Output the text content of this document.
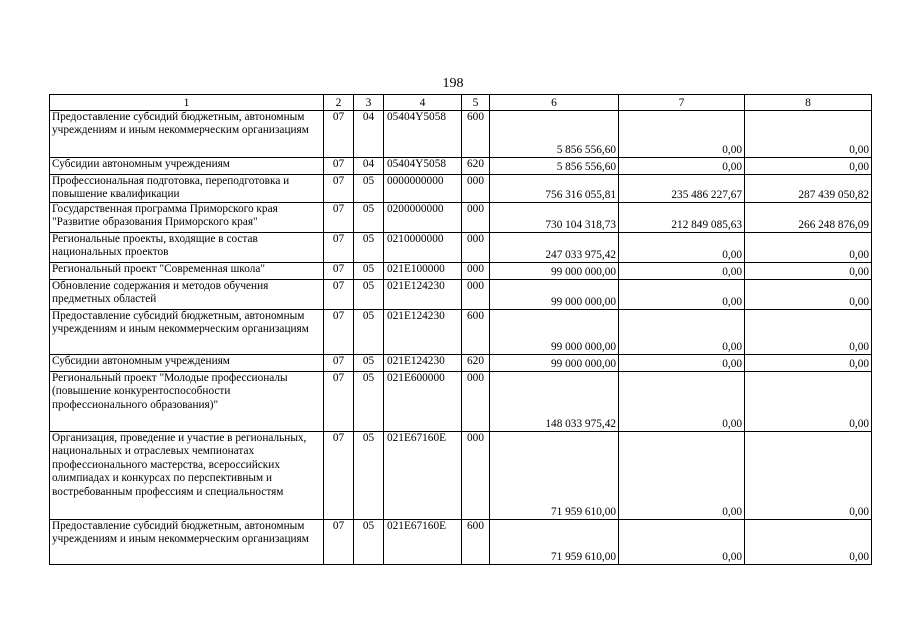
198
1	2	3	4	5	6	7	8
Предоставление субсидий бюджетным, автономным учреждениям и иным некоммерческим организациям	07	04	05404Y5058	600	5 856 556,60	0,00	0,00
Субсидии автономным учреждениям	07	04	05404Y5058	620	5 856 556,60	0,00	0,00
Профессиональная подготовка, переподготовка и повышение квалификации	07	05	0000000000	000	756 316 055,81	235 486 227,67	287 439 050,82
Государственная программа Приморского края "Развитие образования Приморского края"	07	05	0200000000	000	730 104 318,73	212 849 085,63	266 248 876,09
Региональные проекты, входящие в состав национальных проектов	07	05	0210000000	000	247 033 975,42	0,00	0,00
Региональный проект "Современная школа"	07	05	021E100000	000	99 000 000,00	0,00	0,00
Обновление содержания и методов обучения предметных областей	07	05	021E124230	000	99 000 000,00	0,00	0,00
Предоставление субсидий бюджетным, автономным учреждениям и иным некоммерческим организациям	07	05	021E124230	600	99 000 000,00	0,00	0,00
Субсидии автономным учреждениям	07	05	021E124230	620	99 000 000,00	0,00	0,00
Региональный проект "Молодые профессионалы (повышение конкурентоспособности профессионального образования)"	07	05	021E600000	000	148 033 975,42	0,00	0,00
Организация, проведение и участие в региональных, национальных и отраслевых чемпионатах профессионального мастерства, всероссийских олимпиадах и конкурсах по перспективным и востребованным профессиям и специальностям	07	05	021E67160E	000	71 959 610,00	0,00	0,00
Предоставление субсидий бюджетным, автономным учреждениям и иным некоммерческим организациям	07	05	021E67160E	600	71 959 610,00	0,00	0,00
